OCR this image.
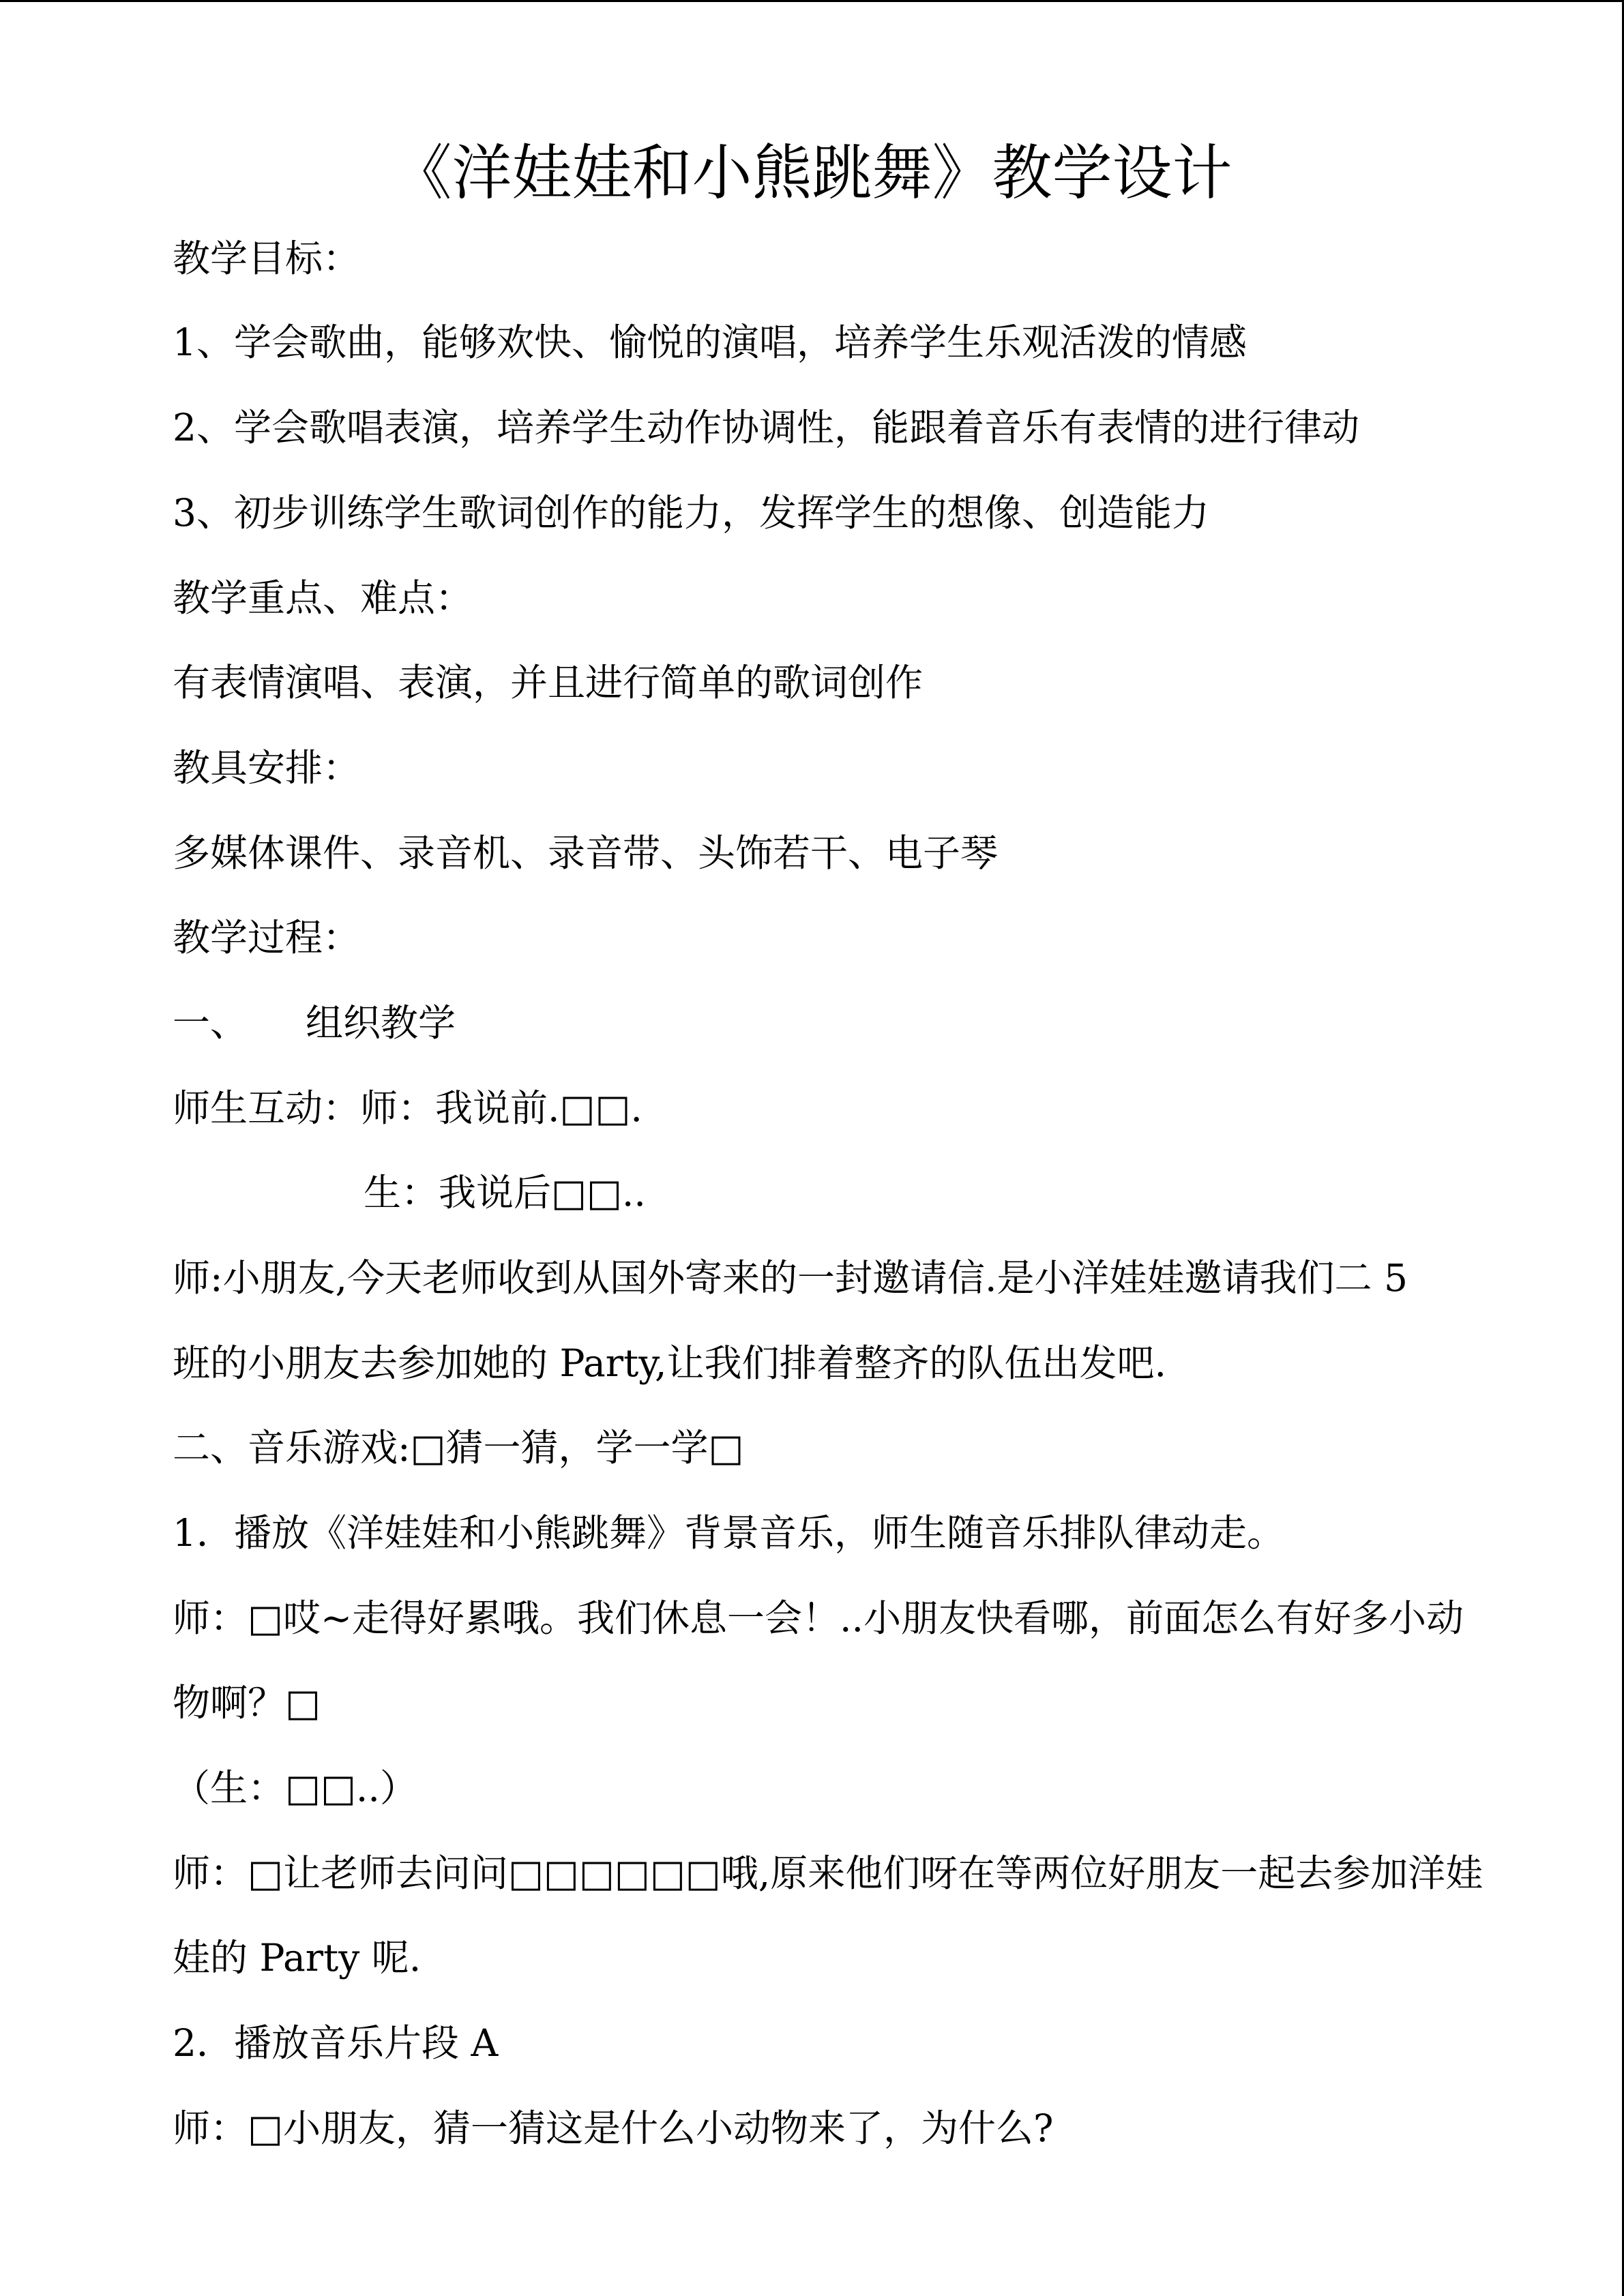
《洋娃娃和小熊跳舞》教学设计
教学目标：
1、学会歌曲，能够欢快、愉悦的演唱，培养学生乐观活泼的情感
2、学会歌唱表演，培养学生动作协调性，能跟着音乐有表情的进行律动
3、初步训练学生歌词创作的能力，发挥学生的想像、创造能力
教学重点、难点：
有表情演唱、表演，并且进行简单的歌词创作
教具安排：
多媒体课件、录音机、录音带、头饰若干、电子琴
教学过程：
一、 组织教学
师生互动：师：我说前.□□.
生：我说后□□..
师:小朋友,今天老师收到从国外寄来的一封邀请信.是小洋娃娃邀请我们二 5
班的小朋友去参加她的 Party,让我们排着整齐的队伍出发吧.
二、音乐游戏:□猜一猜，学一学□
1．播放《洋娃娃和小熊跳舞》背景音乐，师生随音乐排队律动走。
师：□哎~走得好累哦。我们休息一会！..小朋友快看哪，前面怎么有好多小动
物啊？□
（生：□□..）
师：□让老师去问问□□□□□□哦,原来他们呀在等两位好朋友一起去参加洋娃
娃的 Party 呢.
2．播放音乐片段 A
师：□小朋友，猜一猜这是什么小动物来了，为什么?
